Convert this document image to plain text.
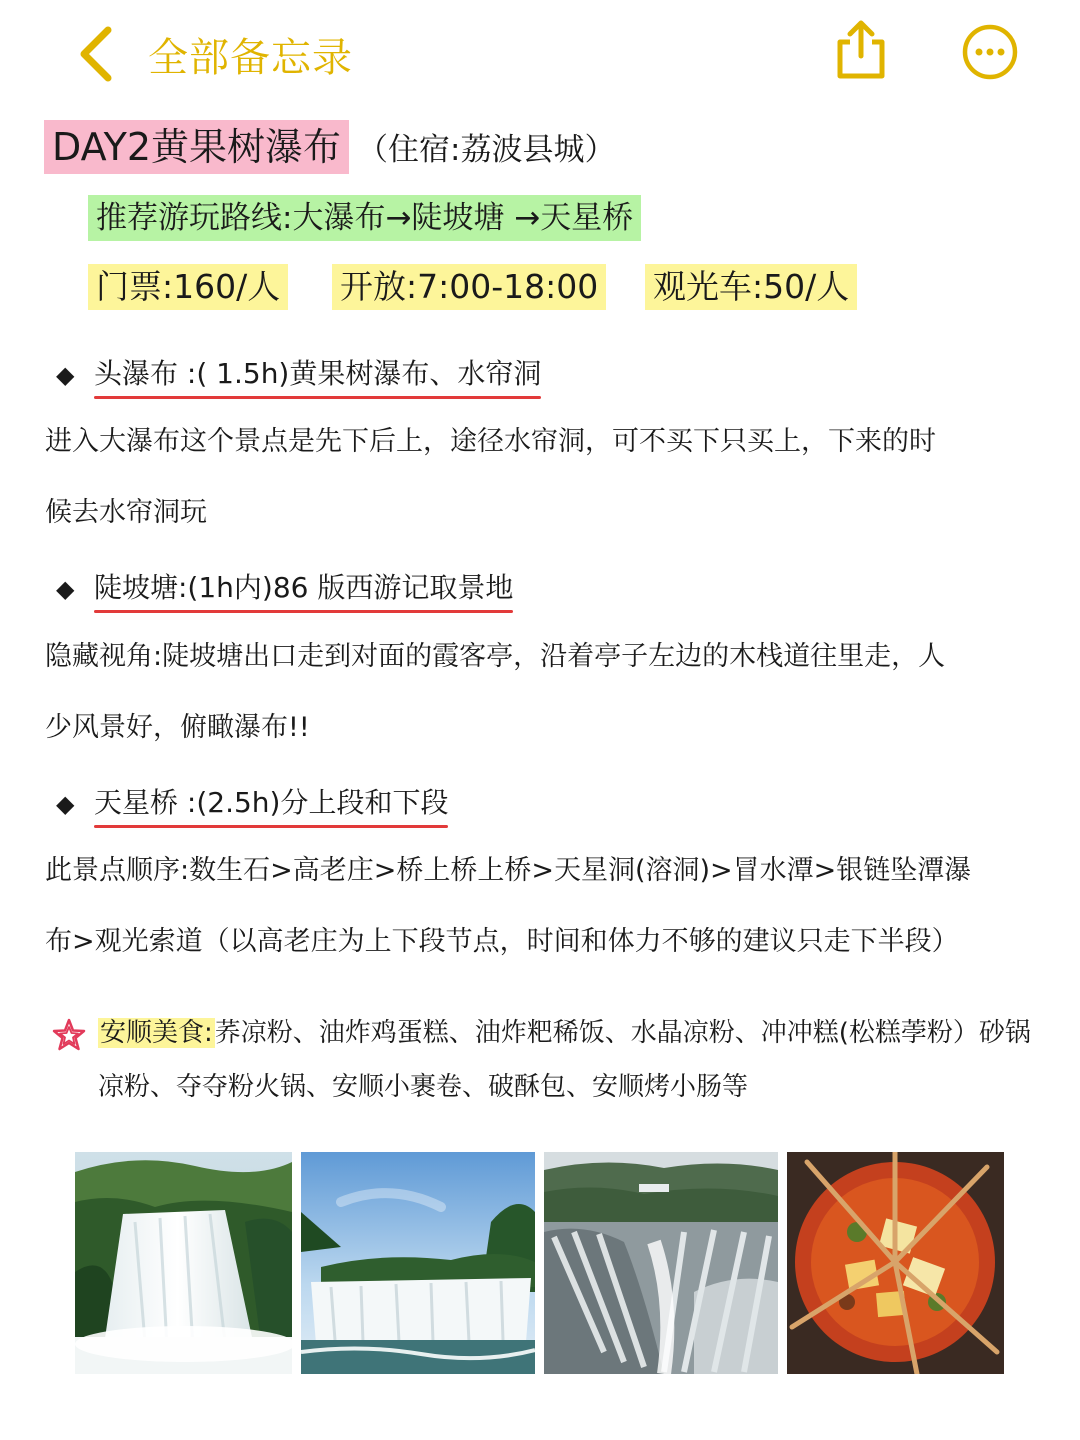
全部备忘录
DAY2黄果树瀑布 （住宿:荔波县城）
推荐游玩路线:大瀑布→陡坡塘 →天星桥
门票:160/人 开放:7:00-18:00 观光车:50/人
◆ 头瀑布 :( 1.5h)黄果树瀑布、水帘洞
进入大瀑布这个景点是先下后上，途径水帘洞，可不买下只买上，下来的时
候去水帘洞玩
◆ 陡坡塘:(1h内)86 版西游记取景地
隐藏视角:陡坡塘出口走到对面的霞客亭，沿着亭子左边的木栈道往里走，人
少风景好，俯瞰瀑布!!
◆ 天星桥 :(2.5h)分上段和下段
此景点顺序:数生石>高老庄>桥上桥上桥>天星洞(溶洞)>冒水潭>银链坠潭瀑
布>观光索道（以高老庄为上下段节点，时间和体力不够的建议只走下半段）
安顺美食:荞凉粉、油炸鸡蛋糕、油炸粑稀饭、水晶凉粉、冲冲糕(松糕荸粉）砂锅凉粉、夺夺粉火锅、安顺小裹卷、破酥包、安顺烤小肠等
